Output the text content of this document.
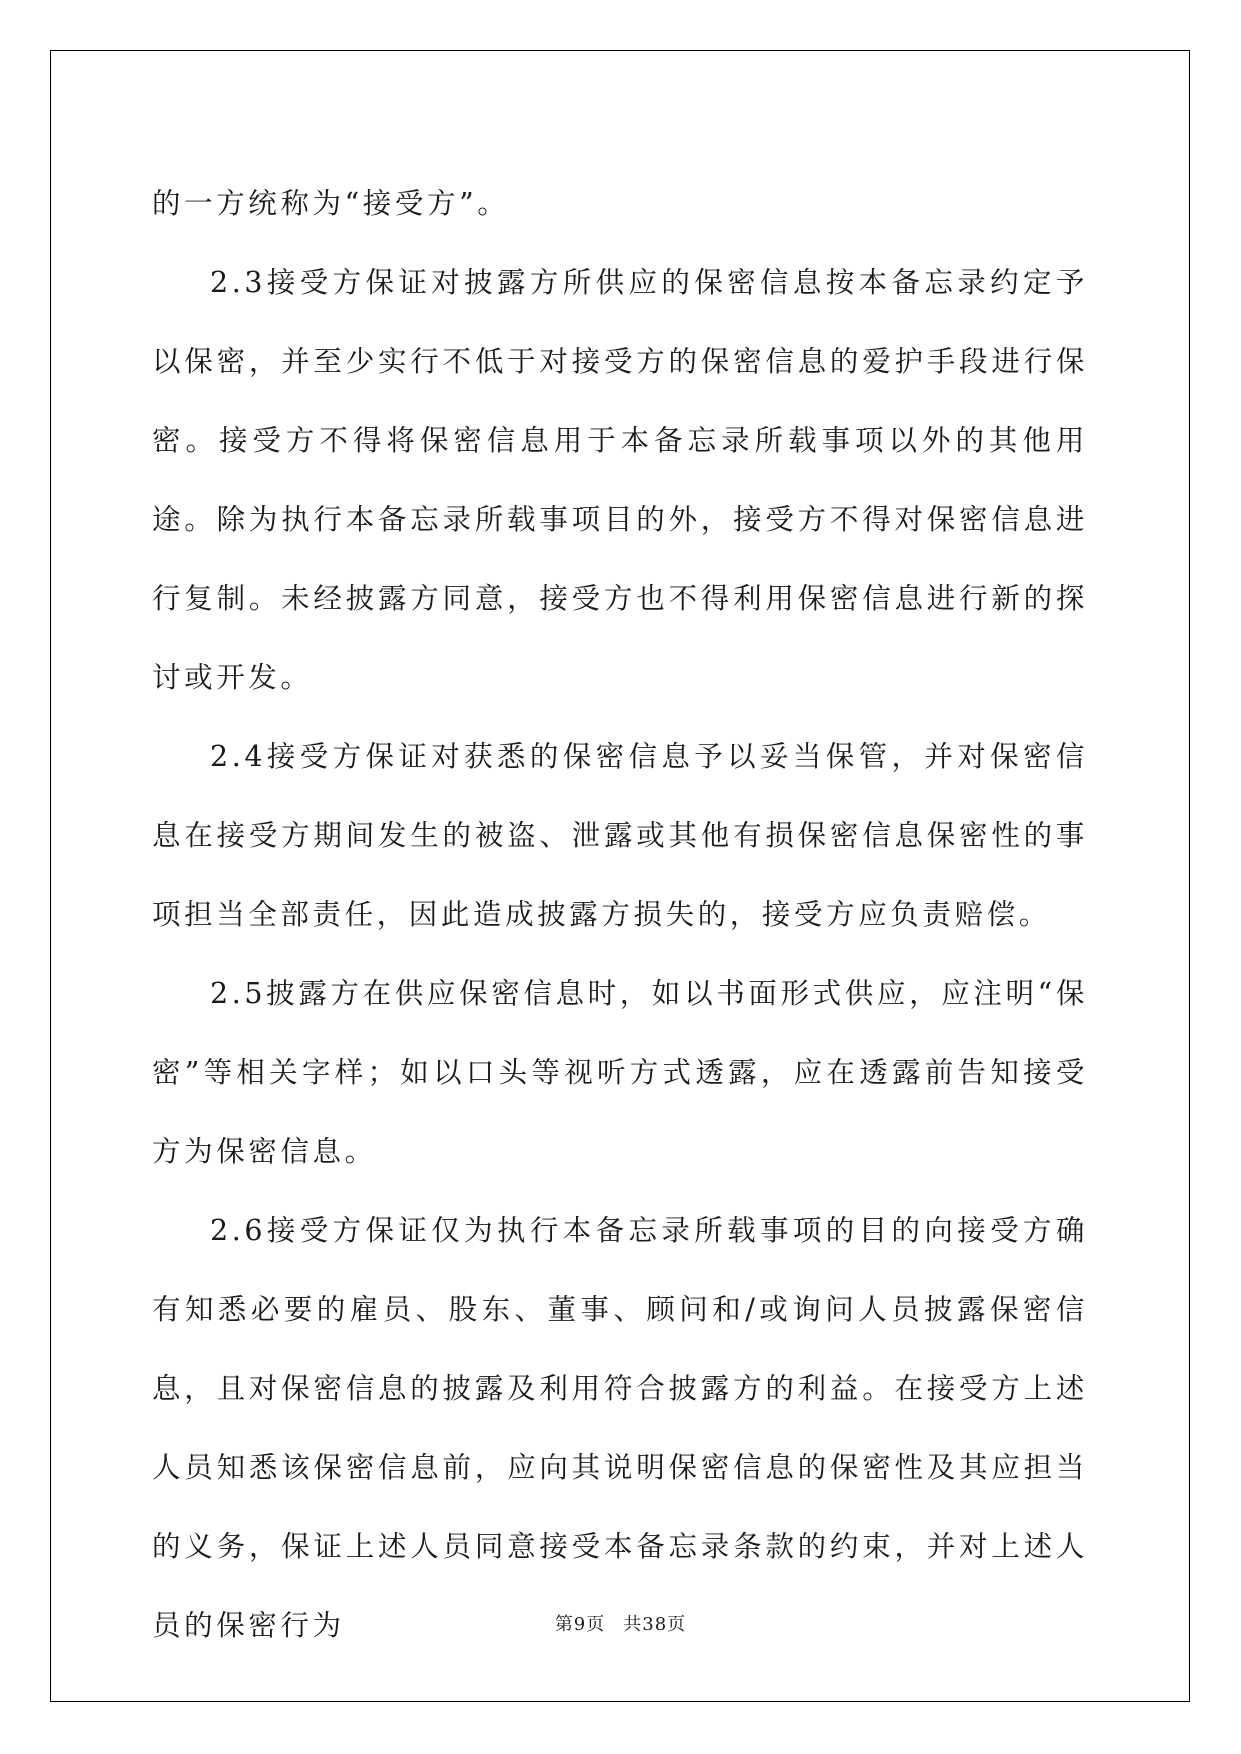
的一方统称为“接受方”。

2.3接受方保证对披露方所供应的保密信息按本备忘录约定予以保密，并至少实行不低于对接受方的保密信息的爱护手段进行保密。接受方不得将保密信息用于本备忘录所载事项以外的其他用途。除为执行本备忘录所载事项目的外，接受方不得对保密信息进行复制。未经披露方同意，接受方也不得利用保密信息进行新的探讨或开发。

2.4接受方保证对获悉的保密信息予以妥当保管，并对保密信息在接受方期间发生的被盗、泄露或其他有损保密信息保密性的事项担当全部责任，因此造成披露方损失的，接受方应负责赔偿。

2.5披露方在供应保密信息时，如以书面形式供应，应注明“保密”等相关字样；如以口头等视听方式透露，应在透露前告知接受方为保密信息。

2.6接受方保证仅为执行本备忘录所载事项的目的向接受方确有知悉必要的雇员、股东、董事、顾问和/或询问人员披露保密信息，且对保密信息的披露及利用符合披露方的利益。在接受方上述人员知悉该保密信息前，应向其说明保密信息的保密性及其应担当的义务，保证上述人员同意接受本备忘录条款的约束，并对上述人员的保密行为	第9页 共38页
